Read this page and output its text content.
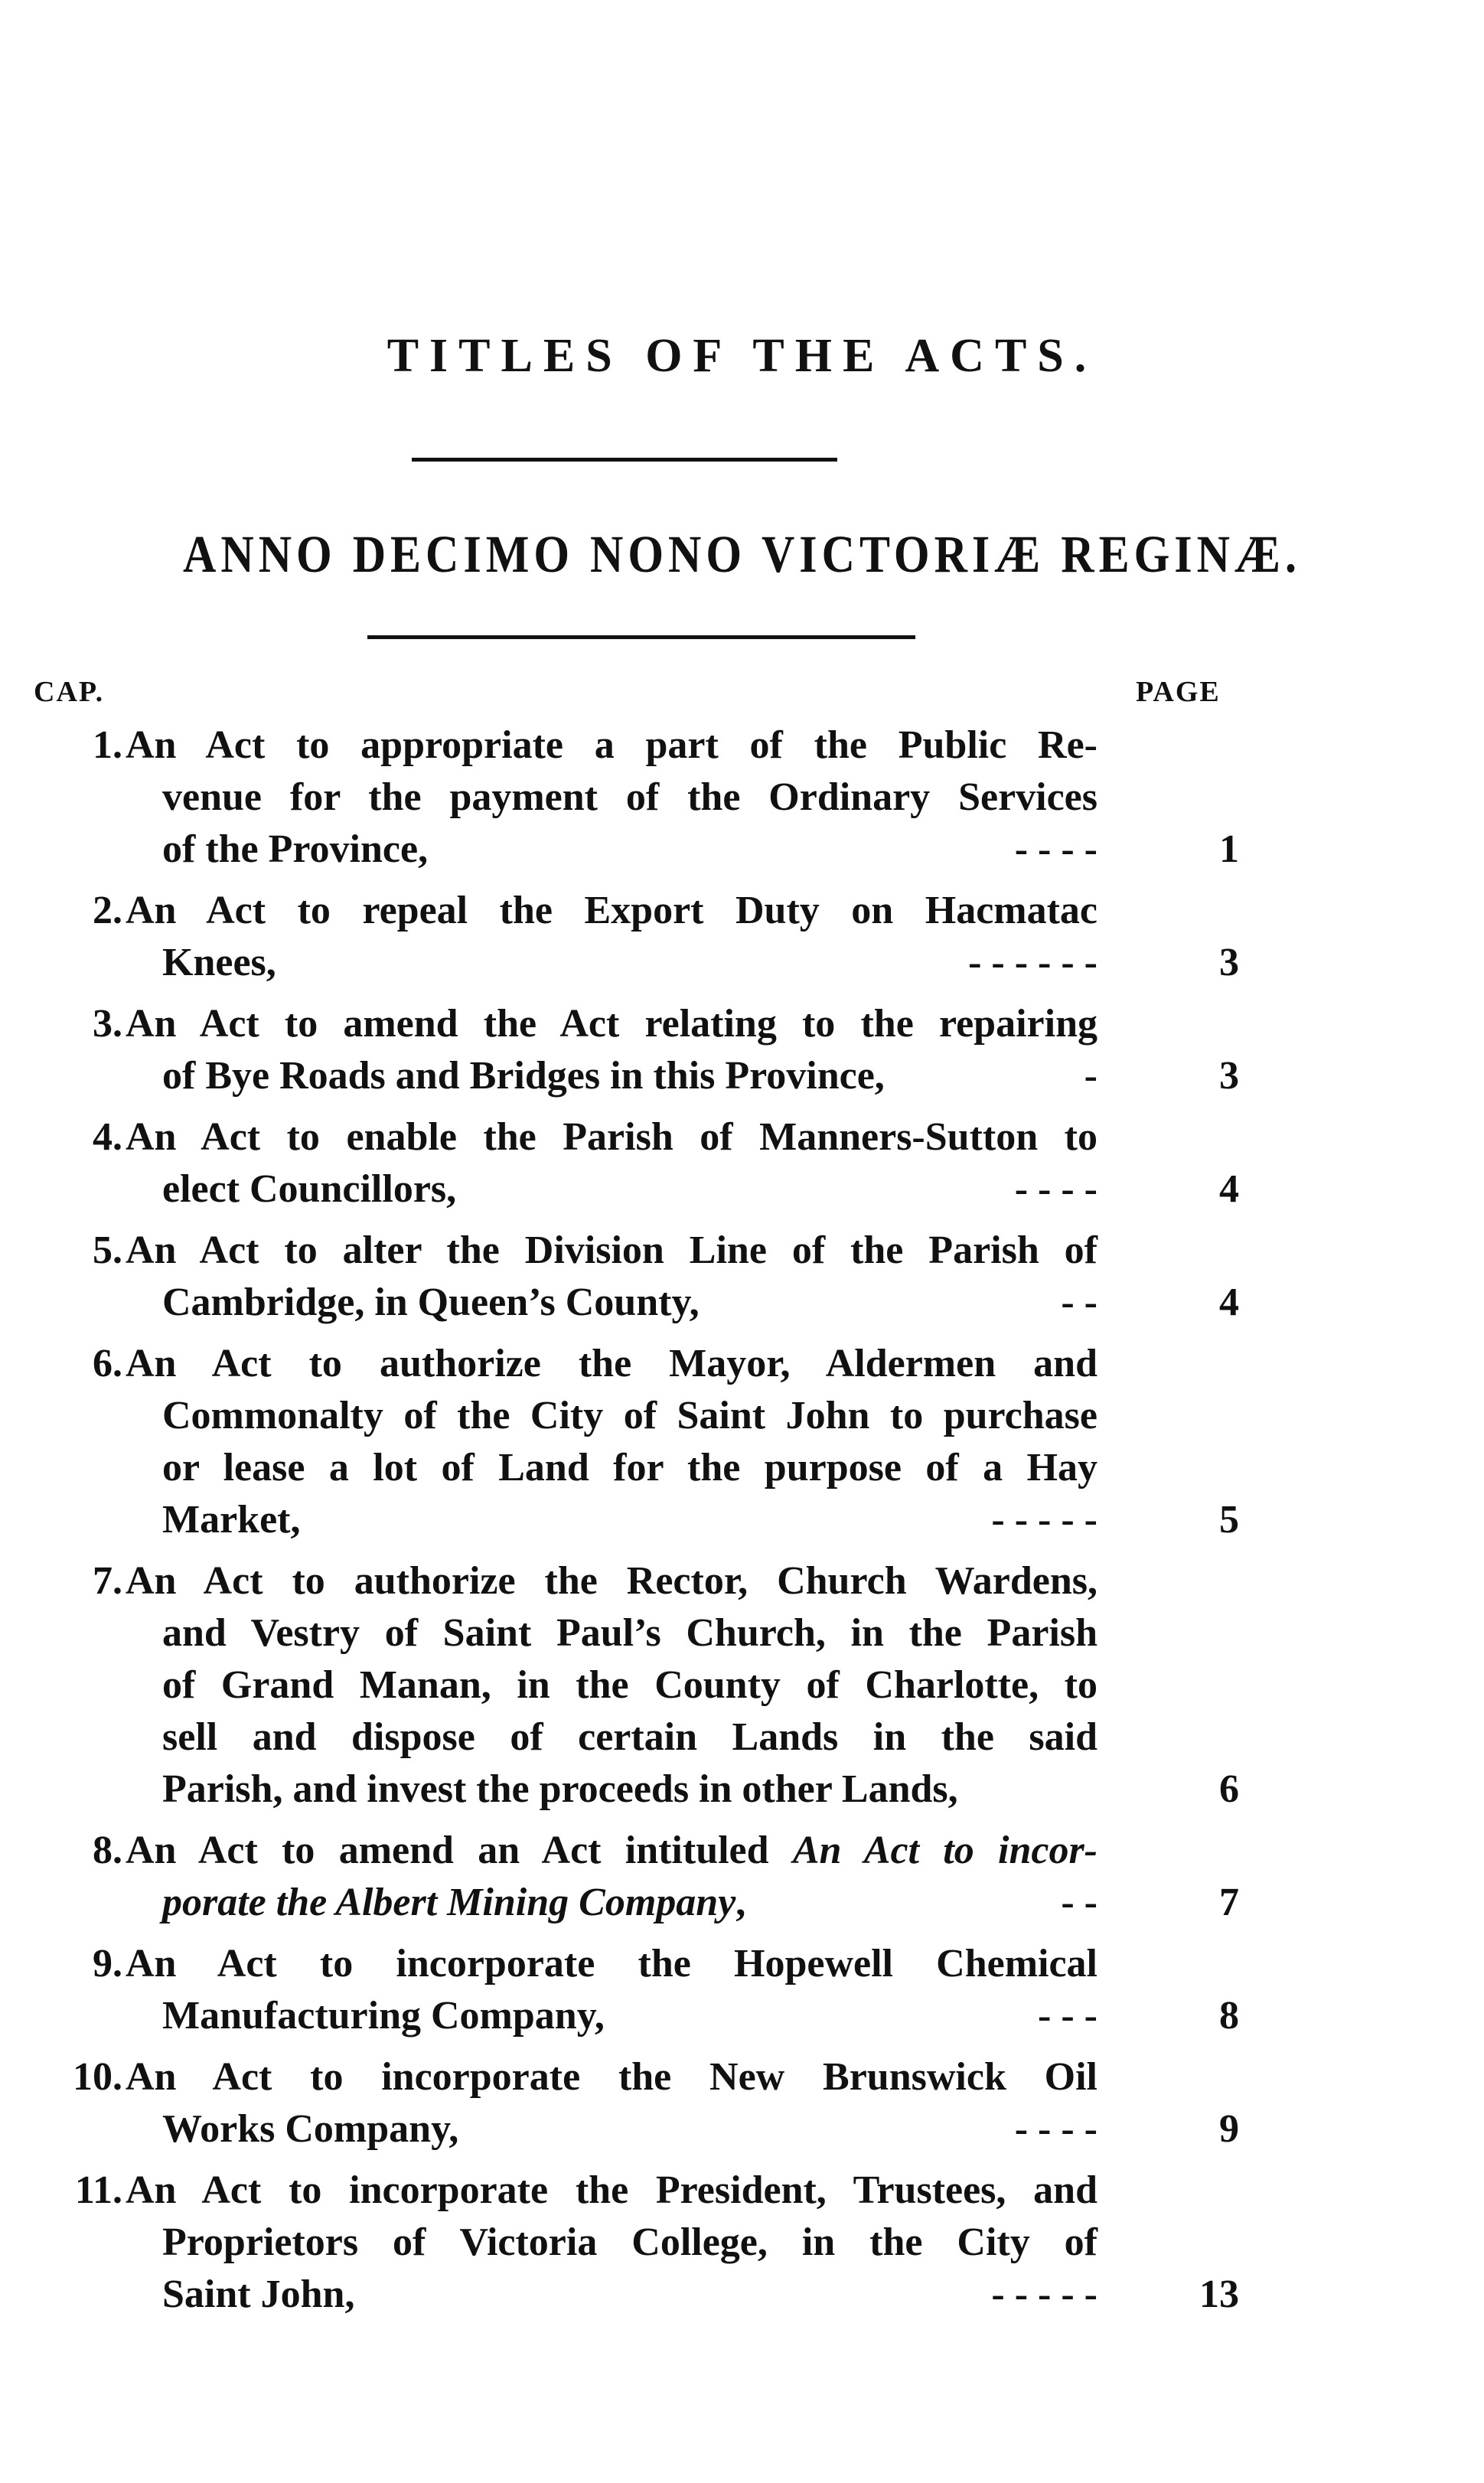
TITLES OF THE ACTS.
ANNO DECIMO NONO VICTORIÆ REGINÆ.
CAP.	PAGE
1. An Act to appropriate a part of the Public Re-
venue for the payment of the Ordinary Services
of the Province,	- - - -	1
2. An Act to repeal the Export Duty on Hacmatac
Knees,	- - - - - -	3
3. An Act to amend the Act relating to the repairing
of Bye Roads and Bridges in this Province,	-	3
4. An Act to enable the Parish of Manners-Sutton to
elect Councillors,	- - - -	4
5. An Act to alter the Division Line of the Parish of
Cambridge, in Queen’s County,	- -	4
6. An Act to authorize the Mayor, Aldermen and
Commonalty of the City of Saint John to purchase
or lease a lot of Land for the purpose of a Hay
Market,	- - - - -	5
7. An Act to authorize the Rector, Church Wardens,
and Vestry of Saint Paul’s Church, in the Parish
of Grand Manan, in the County of Charlotte, to
sell and dispose of certain Lands in the said
Parish, and invest the proceeds in other Lands,	6
8. An Act to amend an Act intituled An Act to incor-
porate the Albert Mining Company,	- -	7
9. An Act to incorporate the Hopewell Chemical
Manufacturing Company,	- - -	8
10. An Act to incorporate the New Brunswick Oil
Works Company,	- - - -	9
11. An Act to incorporate the President, Trustees, and
Proprietors of Victoria College, in the City of
Saint John,	- - - - -	13
